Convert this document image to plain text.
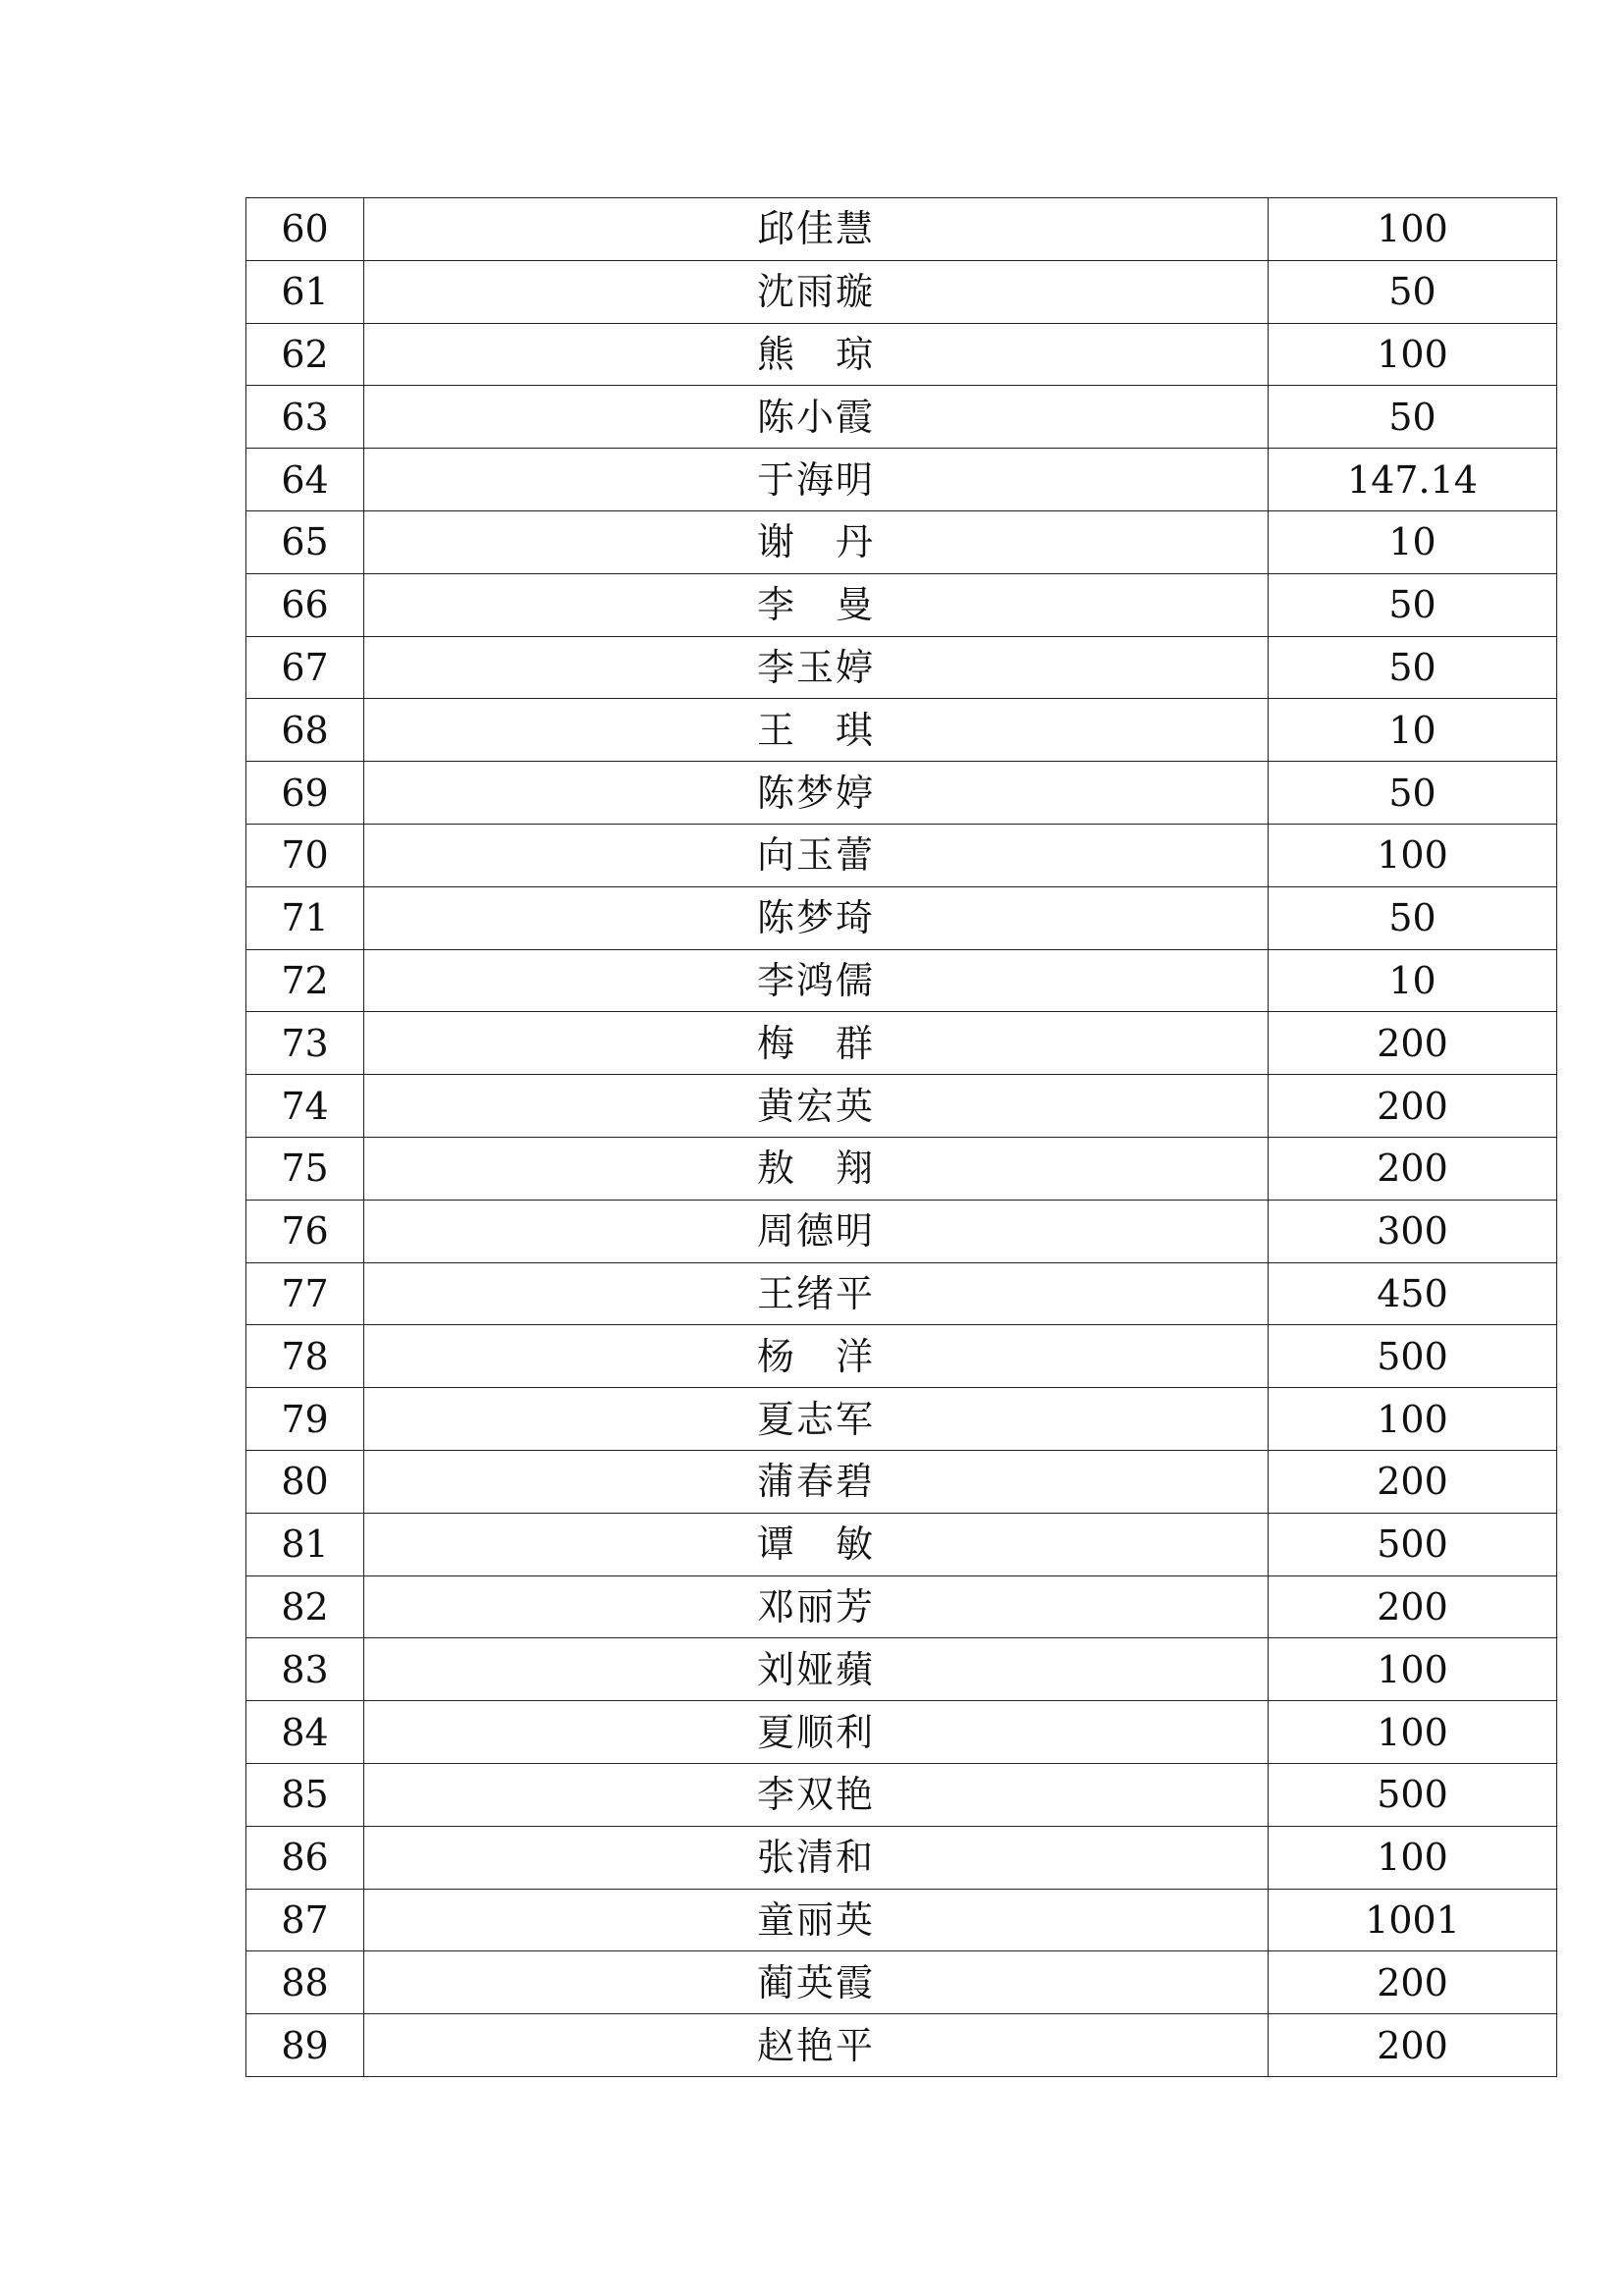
60	邱佳慧	100
61	沈雨璇	50
62	熊　琼	100
63	陈小霞	50
64	于海明	147.14
65	谢　丹	10
66	李　曼	50
67	李玉婷	50
68	王　琪	10
69	陈梦婷	50
70	向玉蕾	100
71	陈梦琦	50
72	李鸿儒	10
73	梅　群	200
74	黄宏英	200
75	敖　翔	200
76	周德明	300
77	王绪平	450
78	杨　洋	500
79	夏志军	100
80	蒲春碧	200
81	谭　敏	500
82	邓丽芳	200
83	刘娅蘋	100
84	夏顺利	100
85	李双艳	500
86	张清和	100
87	童丽英	1001
88	蔺英霞	200
89	赵艳平	200
